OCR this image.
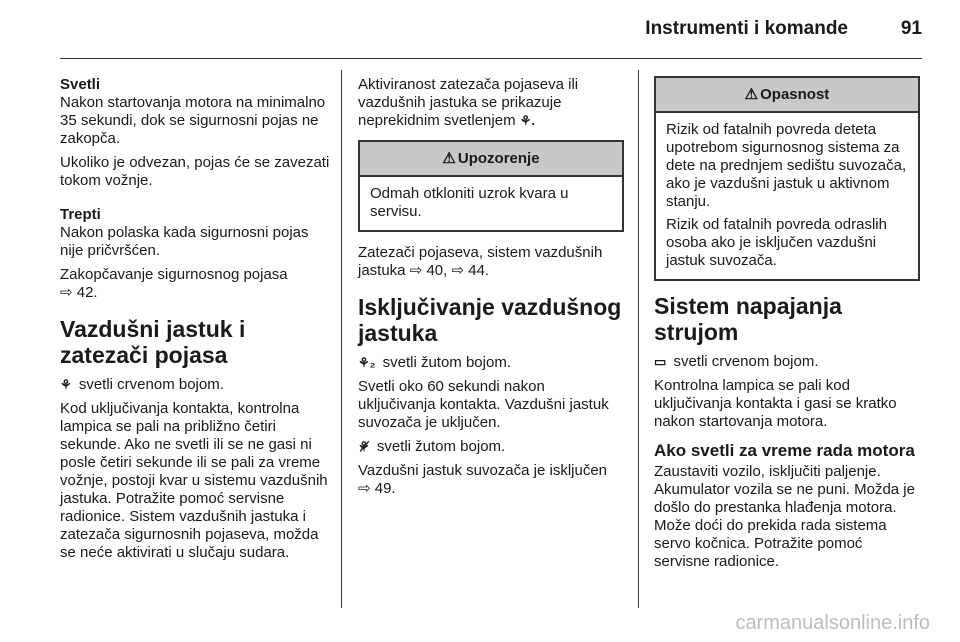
Instrumenti i komande	91
Svetli

Nakon startovanja motora na minimalno 35 sekundi, dok se sigurnosni pojas ne zakopča.

Ukoliko je odvezan, pojas će se zavezati tokom vožnje.

Trepti

Nakon polaska kada sigurnosni pojas nije pričvršćen.

Zakopčavanje sigurnosnog pojasa
⇨ 42.

Vazdušni jastuk i zatezači pojasa

⚘ svetli crvenom bojom.

Kod uključivanja kontakta, kontrolna lampica se pali na približno četiri sekunde. Ako ne svetli ili se ne gasi ni posle četiri sekunde ili se pali za vreme vožnje, postoji kvar u sistemu vazdušnih jastuka. Potražite pomoć servisne radionice. Sistem vazdušnih jastuka i zatezača sigurnosnih pojaseva, možda se neće aktivirati u slučaju sudara.

Aktiviranost zatezača pojaseva ili vazdušnih jastuka se prikazuje neprekidnim svetlenjem ⚘.

⚠ Upozorenje

Odmah otkloniti uzrok kvara u servisu.

Zatezači pojaseva, sistem vazdušnih jastuka ⇨ 40, ⇨ 44.

Isključivanje vazdušnog jastuka

⚘₂ svetli žutom bojom.

Svetli oko 60 sekundi nakon uključivanja kontakta. Vazdušni jastuk suvozača je uključen.

⚘̸ svetli žutom bojom.

Vazdušni jastuk suvozača je isključen
⇨ 49.

⚠ Opasnost

Rizik od fatalnih povreda deteta upotrebom sigurnosnog sistema za dete na prednjem sedištu suvozača, ako je vazdušni jastuk u aktivnom stanju.

Rizik od fatalnih povreda odraslih osoba ako je isključen vazdušni jastuk suvozača.

Sistem napajanja strujom

▭ svetli crvenom bojom.

Kontrolna lampica se pali kod uključivanja kontakta i gasi se kratko nakon startovanja motora.

Ako svetli za vreme rada motora

Zaustaviti vozilo, isključiti paljenje. Akumulator vozila se ne puni. Možda je došlo do prestanka hlađenja motora. Može doći do prekida rada sistema servo kočnica. Potražite pomoć servisne radionice.

carmanualsonline.info
